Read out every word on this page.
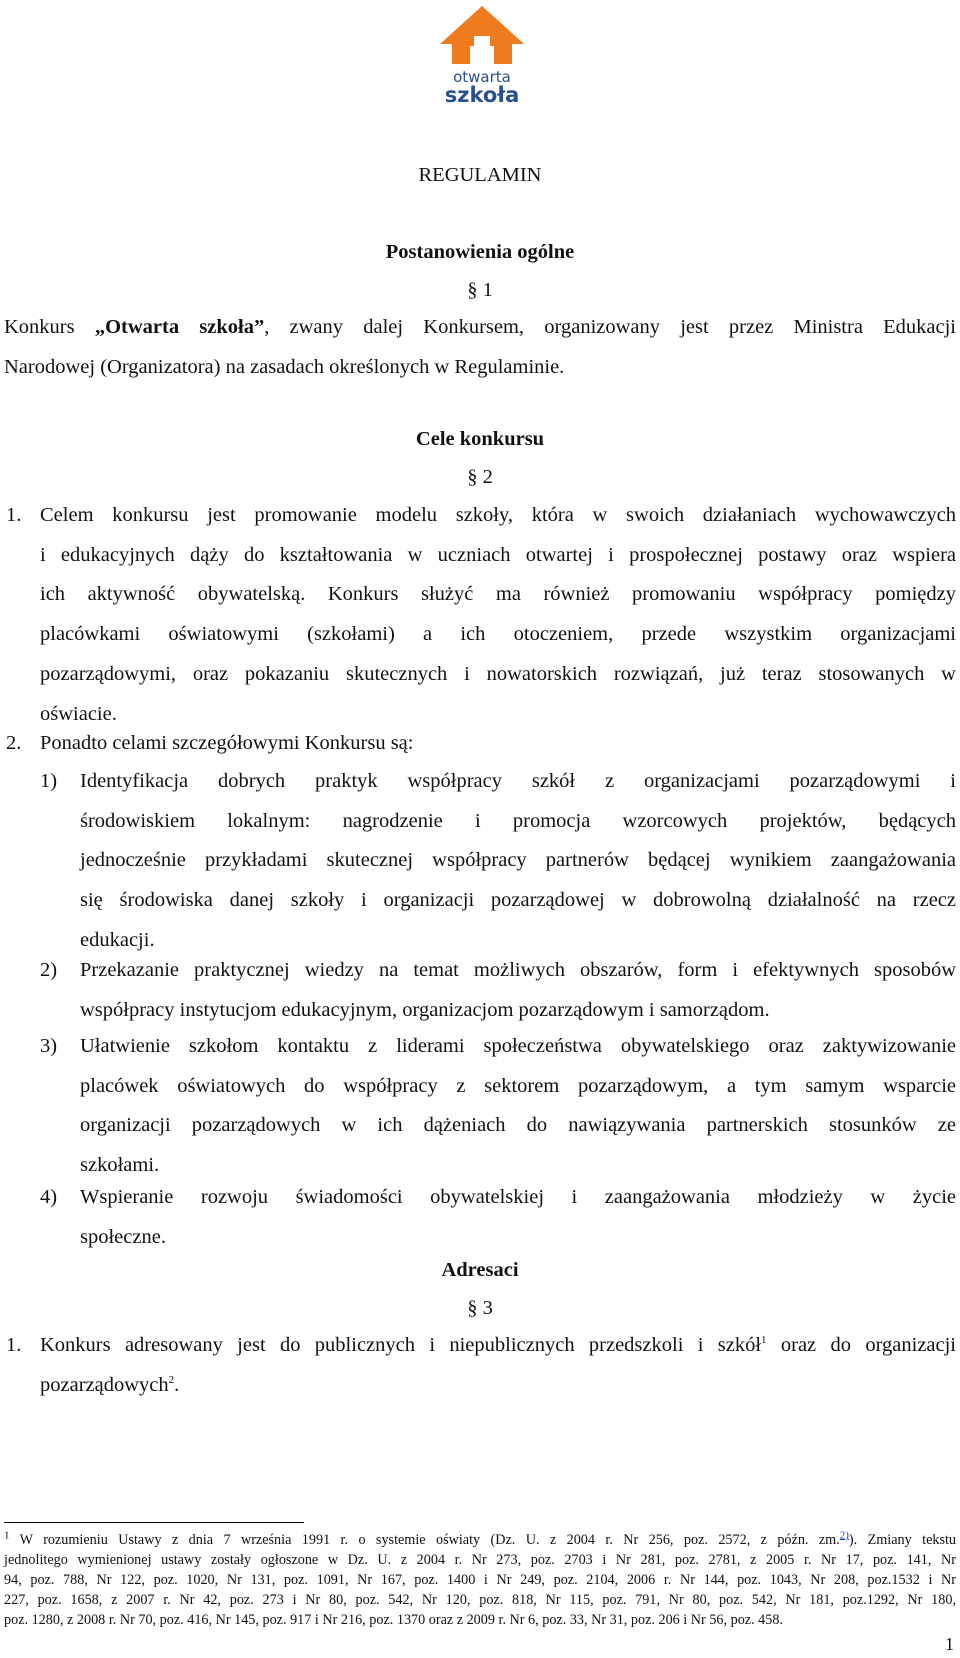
otwarta
szkoła
REGULAMIN
Postanowienia ogólne
§ 1
Konkurs „Otwarta szkoła”, zwany dalej Konkursem, organizowany jest przez Ministra Edukacji
Narodowej (Organizatora) na zasadach określonych w Regulaminie.
Cele konkursu
§ 2
1. Celem konkursu jest promowanie modelu szkoły, która w swoich działaniach wychowawczych
i edukacyjnych dąży do kształtowania w uczniach otwartej i prospołecznej postawy oraz wspiera
ich aktywność obywatelską. Konkurs służyć ma również promowaniu współpracy pomiędzy
placówkami oświatowymi (szkołami) a ich otoczeniem, przede wszystkim organizacjami
pozarządowymi, oraz pokazaniu skutecznych i nowatorskich rozwiązań, już teraz stosowanych w
oświacie.
2. Ponadto celami szczegółowymi Konkursu są:
1) Identyfikacja dobrych praktyk współpracy szkół z organizacjami pozarządowymi i
środowiskiem lokalnym: nagrodzenie i promocja wzorcowych projektów, będących
jednocześnie przykładami skutecznej współpracy partnerów będącej wynikiem zaangażowania
się środowiska danej szkoły i organizacji pozarządowej w dobrowolną działalność na rzecz
edukacji.
2) Przekazanie praktycznej wiedzy na temat możliwych obszarów, form i efektywnych sposobów
współpracy instytucjom edukacyjnym, organizacjom pozarządowym i samorządom.
3) Ułatwienie szkołom kontaktu z liderami społeczeństwa obywatelskiego oraz zaktywizowanie
placówek oświatowych do współpracy z sektorem pozarządowym, a tym samym wsparcie
organizacji pozarządowych w ich dążeniach do nawiązywania partnerskich stosunków ze
szkołami.
4) Wspieranie rozwoju świadomości obywatelskiej i zaangażowania młodzieży w życie
społeczne.
Adresaci
§ 3
1. Konkurs adresowany jest do publicznych i niepublicznych przedszkoli i szkół$^1$ oraz do organizacji
pozarządowych$^2$.
$^1$ W rozumieniu Ustawy z dnia 7 września 1991 r. o systemie oświaty (Dz. U. z 2004 r. Nr 256, poz. 2572, z późn. zm.$^{2)}$). Zmiany tekstu
jednolitego wymienionej ustawy zostały ogłoszone w Dz. U. z 2004 r. Nr 273, poz. 2703 i Nr 281, poz. 2781, z 2005 r. Nr 17, poz. 141, Nr
94, poz. 788, Nr 122, poz. 1020, Nr 131, poz. 1091, Nr 167, poz. 1400 i Nr 249, poz. 2104, 2006 r. Nr 144, poz. 1043, Nr 208, poz.1532 i Nr
227, poz. 1658, z 2007 r. Nr 42, poz. 273 i Nr 80, poz. 542, Nr 120, poz. 818, Nr 115, poz. 791, Nr 80, poz. 542, Nr 181, poz.1292, Nr 180,
poz. 1280, z 2008 r. Nr 70, poz. 416, Nr 145, poz. 917 i Nr 216, poz. 1370 oraz z 2009 r. Nr 6, poz. 33, Nr 31, poz. 206 i Nr 56, poz. 458.
1
